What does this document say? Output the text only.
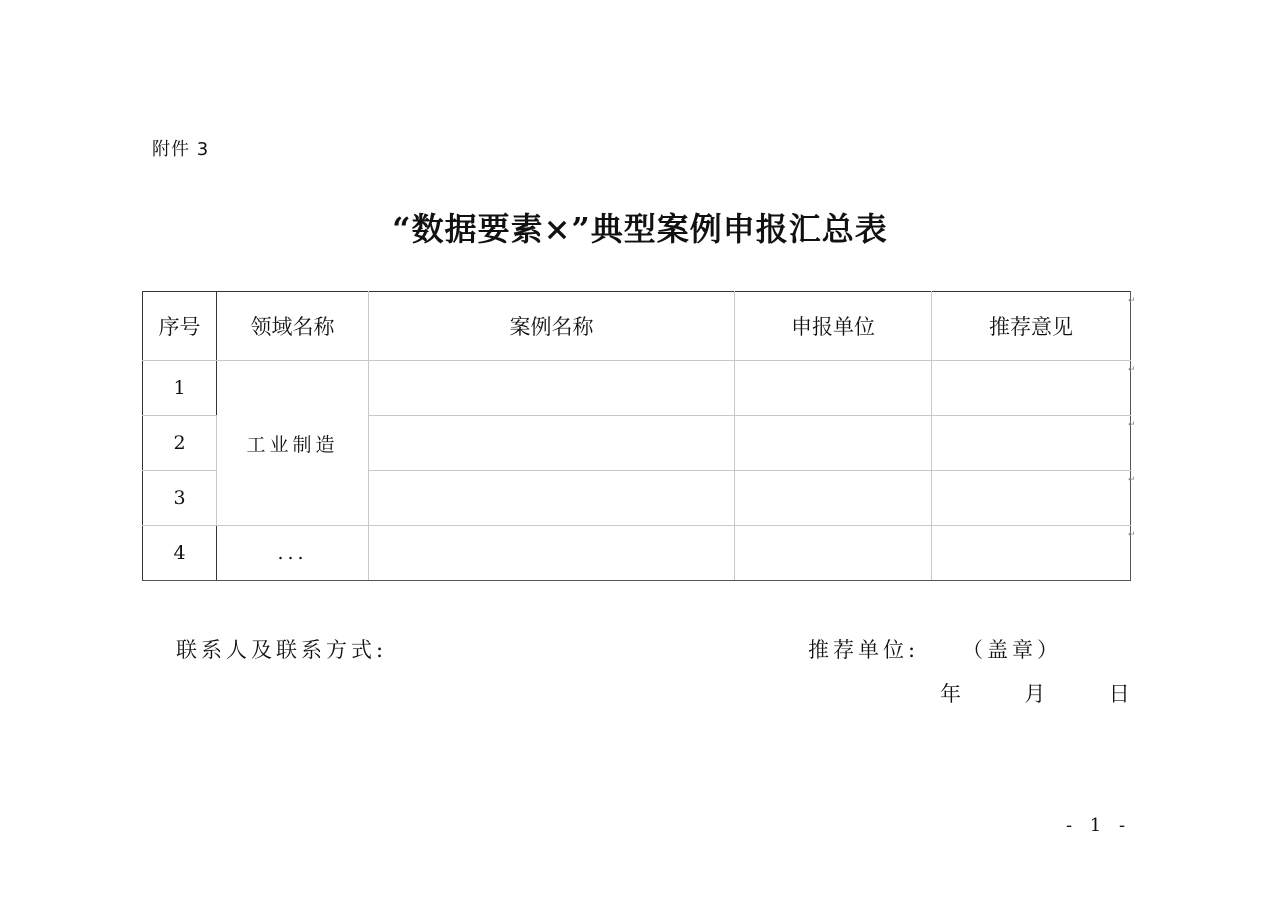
附件 3
“数据要素×”典型案例申报汇总表
序号	领域名称	案例名称	申报单位	推荐意见
1	工业制造			
2				
3				
4	...			
↵
↵
↵
↵
↵
联系人及联系方式:	推荐单位: （盖章）
年	月	日
- 1 -
